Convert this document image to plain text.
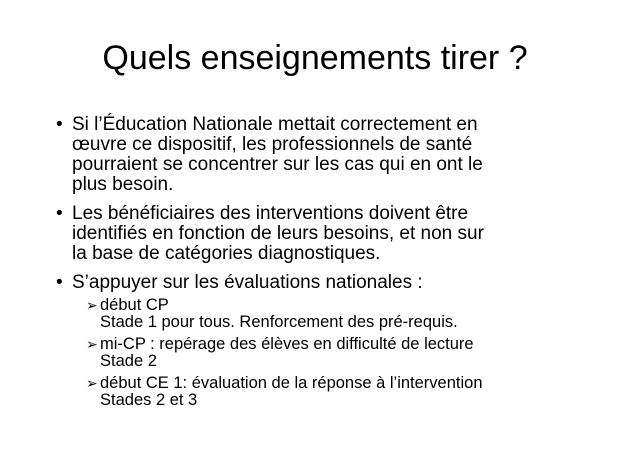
Quels enseignements tirer ?
• Si l’Éducation Nationale mettait correctement en
œuvre ce dispositif, les professionnels de santé
pourraient se concentrer sur les cas qui en ont le
plus besoin.
• Les bénéficiaires des interventions doivent être
identifiés en fonction de leurs besoins, et non sur
la base de catégories diagnostiques.
• S’appuyer sur les évaluations nationales :
➢ début CP
Stade 1 pour tous. Renforcement des pré-requis.
➢ mi-CP : repérage des élèves en difficulté de lecture
Stade 2
➢ début CE 1: évaluation de la réponse à l’intervention
Stades 2 et 3
